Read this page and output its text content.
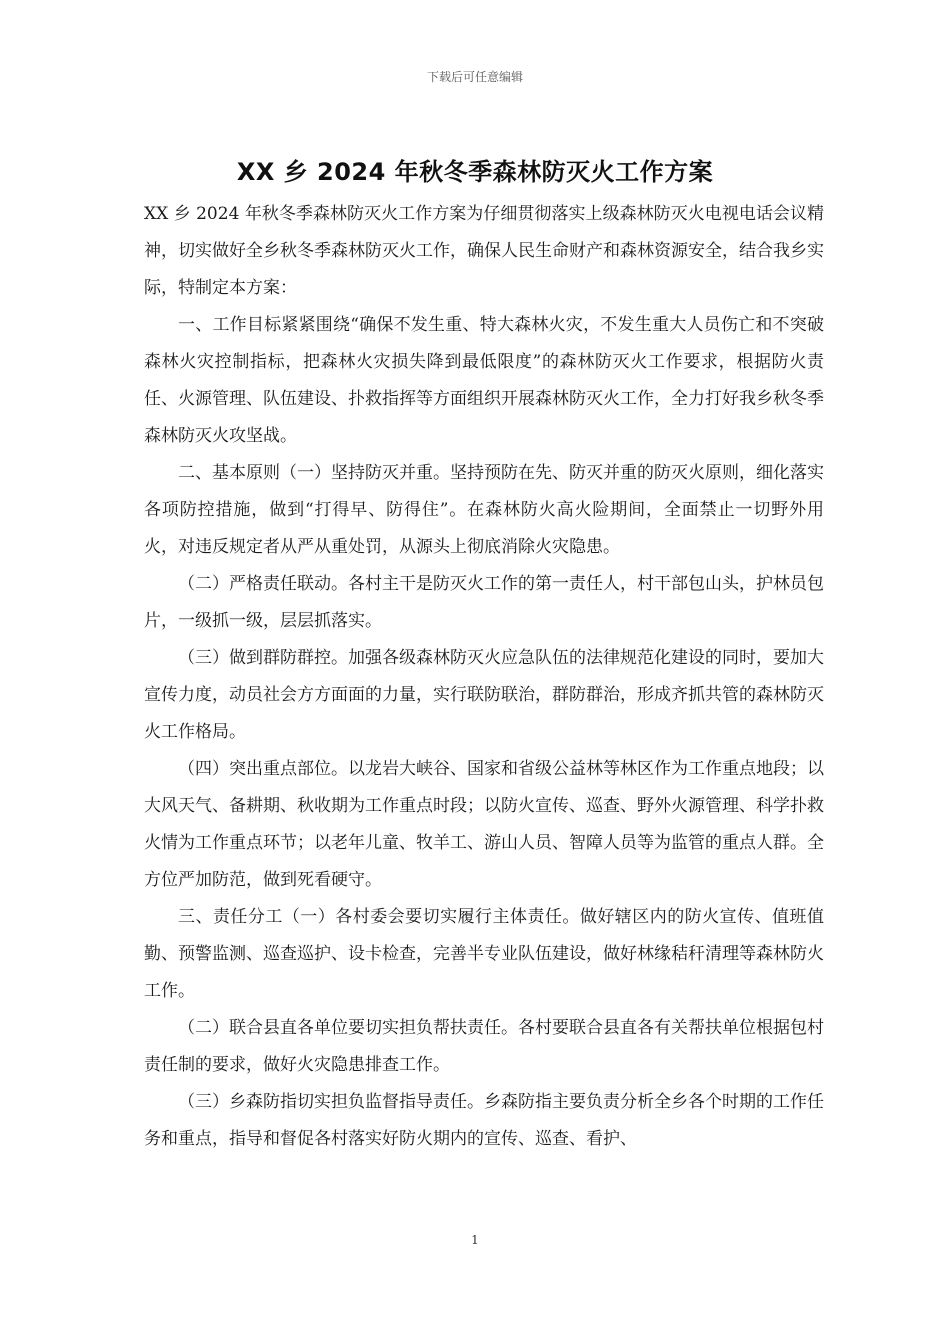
下载后可任意编辑
XX 乡 2024 年秋冬季森林防灭火工作方案

XX 乡 2024 年秋冬季森林防灭火工作方案为仔细贯彻落实上级森林防灭火电视电话会议精神，切实做好全乡秋冬季森林防灭火工作，确保人民生命财产和森林资源安全，结合我乡实际，特制定本方案：

一、工作目标紧紧围绕“确保不发生重、特大森林火灾，不发生重大人员伤亡和不突破森林火灾控制指标，把森林火灾损失降到最低限度”的森林防灭火工作要求，根据防火责任、火源管理、队伍建设、扑救指挥等方面组织开展森林防灭火工作，全力打好我乡秋冬季森林防灭火攻坚战。

二、基本原则（一）坚持防灭并重。坚持预防在先、防灭并重的防灭火原则，细化落实各项防控措施，做到“打得早、防得住”。在森林防火高火险期间，全面禁止一切野外用火，对违反规定者从严从重处罚，从源头上彻底消除火灾隐患。

（二）严格责任联动。各村主干是防灭火工作的第一责任人，村干部包山头，护林员包片，一级抓一级，层层抓落实。

（三）做到群防群控。加强各级森林防灭火应急队伍的法律规范化建设的同时，要加大宣传力度，动员社会方方面面的力量，实行联防联治，群防群治，形成齐抓共管的森林防灭火工作格局。

（四）突出重点部位。以龙岩大峡谷、国家和省级公益林等林区作为工作重点地段；以大风天气、备耕期、秋收期为工作重点时段；以防火宣传、巡查、野外火源管理、科学扑救火情为工作重点环节；以老年儿童、牧羊工、游山人员、智障人员等为监管的重点人群。全方位严加防范，做到死看硬守。

三、责任分工（一）各村委会要切实履行主体责任。做好辖区内的防火宣传、值班值勤、预警监测、巡查巡护、设卡检查，完善半专业队伍建设，做好林缘秸秆清理等森林防火工作。

（二）联合县直各单位要切实担负帮扶责任。各村要联合县直各有关帮扶单位根据包村责任制的要求，做好火灾隐患排查工作。

（三）乡森防指切实担负监督指导责任。乡森防指主要负责分析全乡各个时期的工作任务和重点，指导和督促各村落实好防火期内的宣传、巡查、看护、

1
